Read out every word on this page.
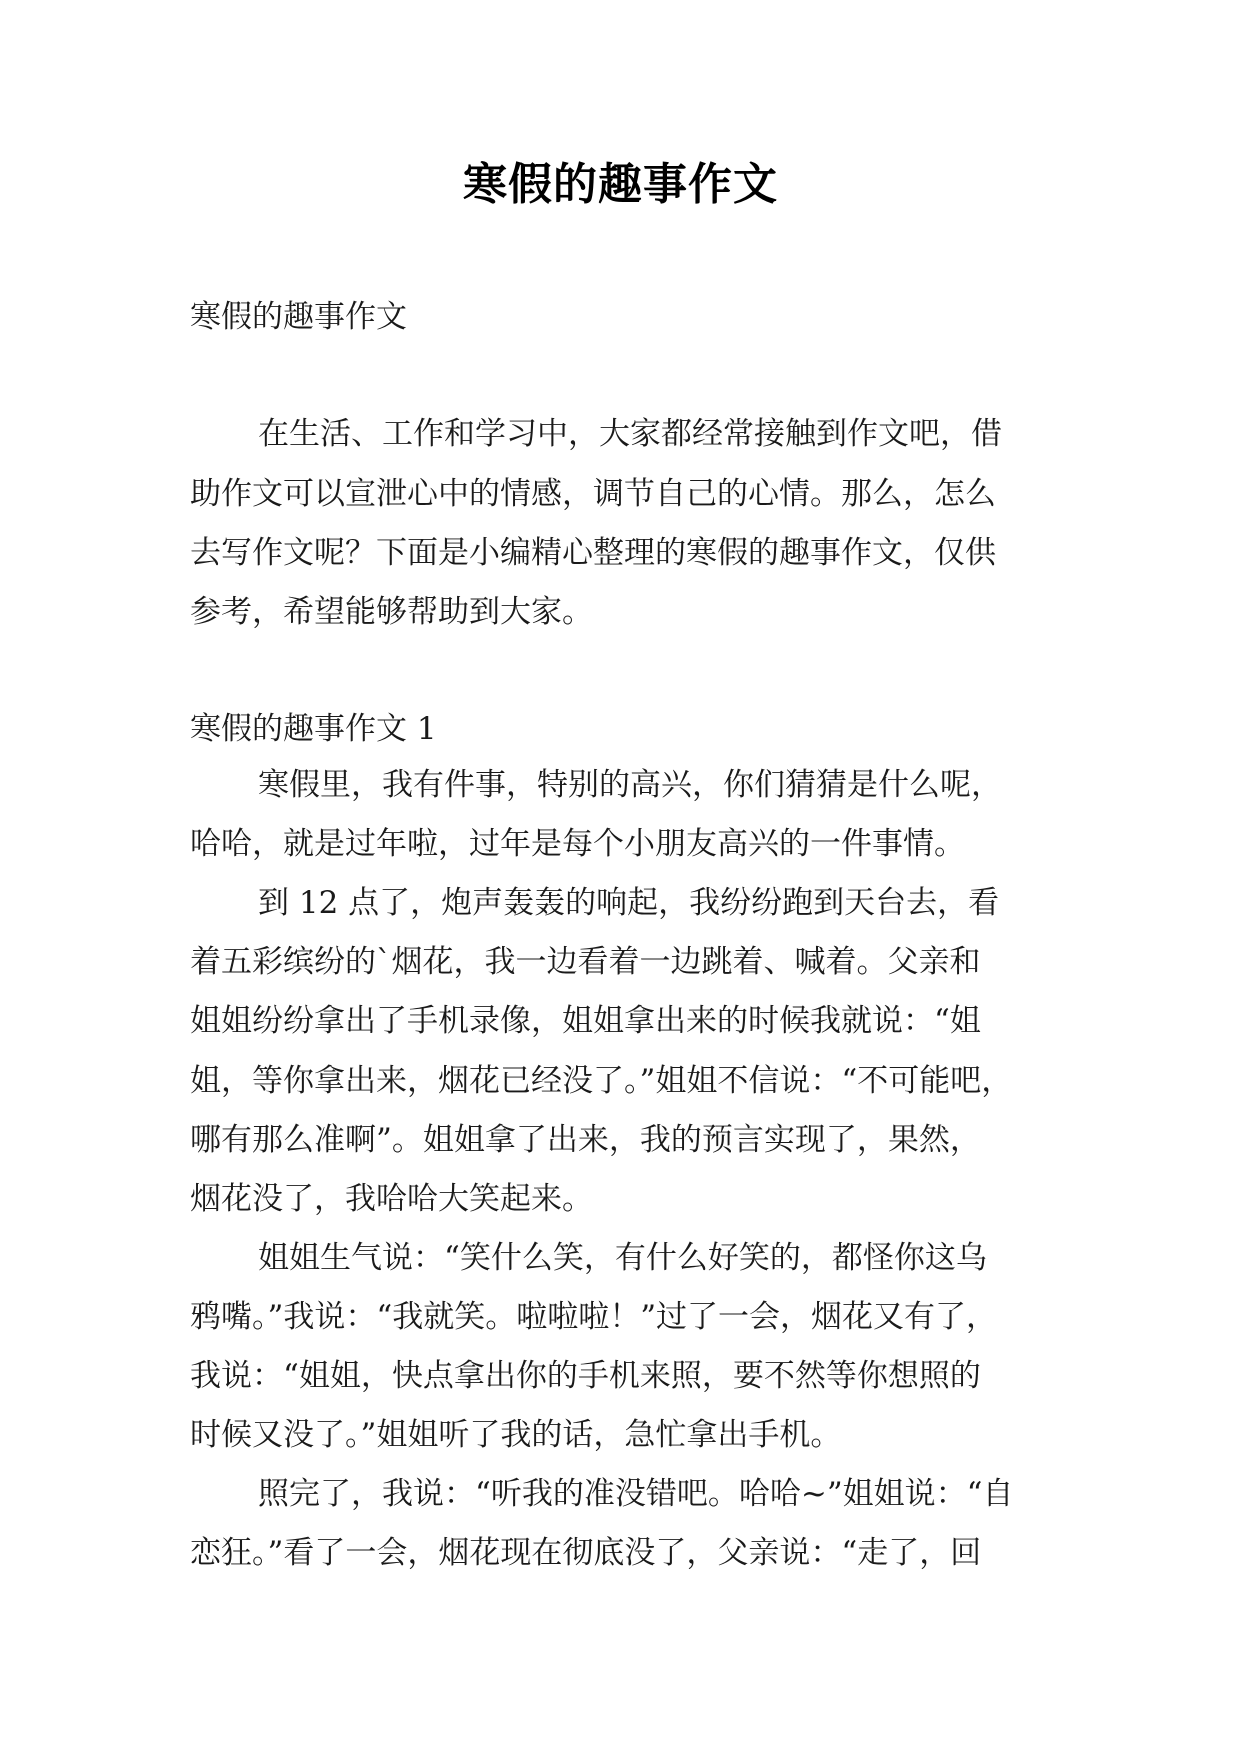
寒假的趣事作文
寒假的趣事作文
在生活、工作和学习中，大家都经常接触到作文吧，借
助作文可以宣泄心中的情感，调节自己的心情。那么，怎么
去写作文呢？下面是小编精心整理的寒假的趣事作文，仅供
参考，希望能够帮助到大家。
寒假的趣事作文 1
寒假里，我有件事，特别的高兴，你们猜猜是什么呢，
哈哈，就是过年啦，过年是每个小朋友高兴的一件事情。
到 12 点了，炮声轰轰的响起，我纷纷跑到天台去，看
着五彩缤纷的`烟花，我一边看着一边跳着、喊着。父亲和
姐姐纷纷拿出了手机录像，姐姐拿出来的时候我就说：“姐
姐，等你拿出来，烟花已经没了。”姐姐不信说：“不可能吧，
哪有那么准啊”。姐姐拿了出来，我的预言实现了，果然，
烟花没了，我哈哈大笑起来。
姐姐生气说：“笑什么笑，有什么好笑的，都怪你这乌
鸦嘴。”我说：“我就笑。啦啦啦！”过了一会，烟花又有了，
我说：“姐姐，快点拿出你的手机来照，要不然等你想照的
时候又没了。”姐姐听了我的话，急忙拿出手机。
照完了，我说：“听我的准没错吧。哈哈~”姐姐说：“自
恋狂。”看了一会，烟花现在彻底没了，父亲说：“走了，回
